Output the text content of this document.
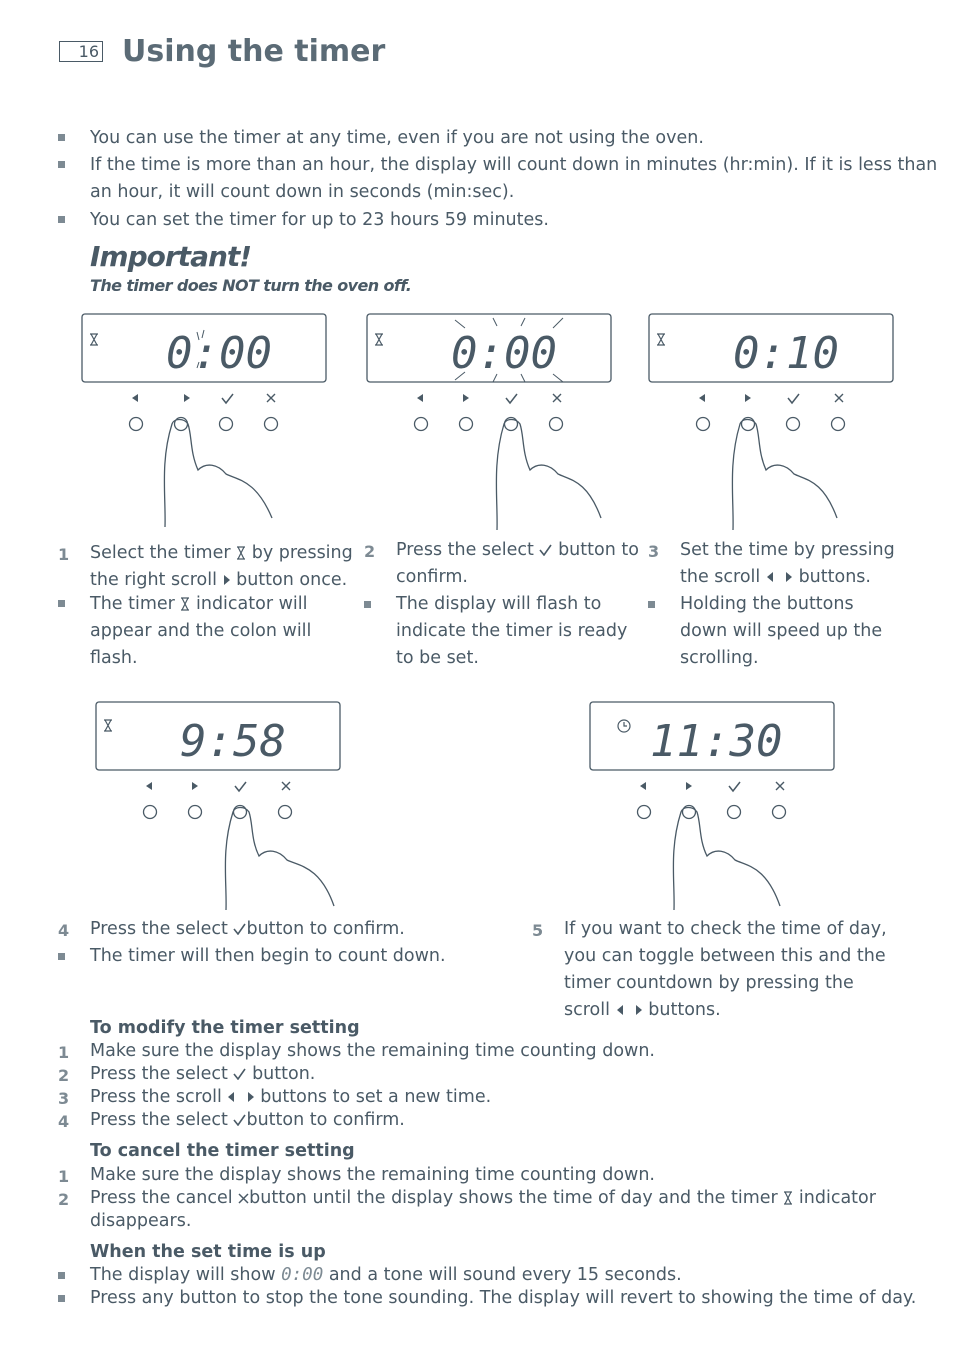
16 Using the timer
You can use the timer at any time, even if you are not using the oven.
If the time is more than an hour, the display will count down in minutes (hr:min). If it is less than
an hour, it will count down in seconds (min:sec).
You can set the timer for up to 23 hours 59 minutes.
Important!
The timer does NOT turn the oven off.
0:00	0:00	0:10
1 Select the timer by pressing
the right scroll button once.
The timer indicator will
appear and the colon will
flash.
2 Press the select button to
confirm.
The display will flash to
indicate the timer is ready
to be set.
3 Set the time by pressing
the scroll buttons.
Holding the buttons
down will speed up the
scrolling.
9:58	11:30
4 Press the select button to confirm.
The timer will then begin to count down.
5 If you want to check the time of day,
you can toggle between this and the
timer countdown by pressing the
scroll buttons.
To modify the timer setting
1 Make sure the display shows the remaining time counting down.
2 Press the select button.
3 Press the scroll buttons to set a new time.
4 Press the select button to confirm.
To cancel the timer setting
1 Make sure the display shows the remaining time counting down.
2 Press the cancel button until the display shows the time of day and the timer indicator
disappears.
When the set time is up
The display will show 0:00 and a tone will sound every 15 seconds.
Press any button to stop the tone sounding. The display will revert to showing the time of day.
